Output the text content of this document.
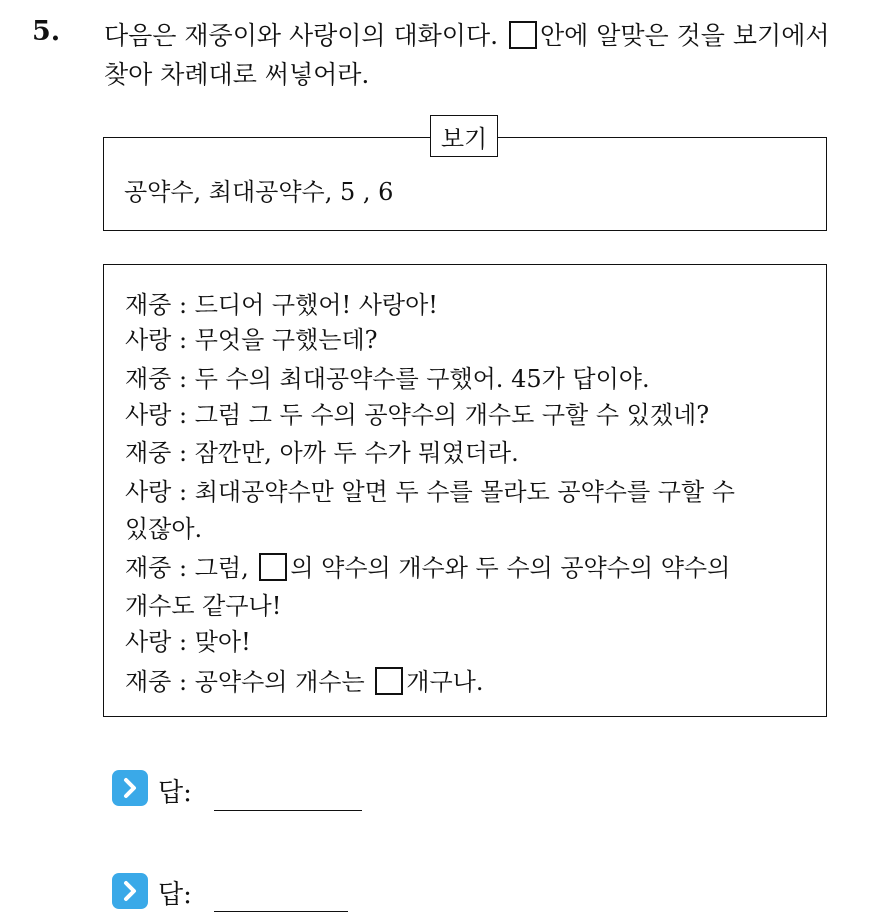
5. 다음은 재중이와 사랑이의 대화이다. 안에 알맞은 것을 보기에서
찾아 차례대로 써넣어라.
보기
공약수, 최대공약수, 5 , 6
재중 : 드디어 구했어! 사랑아!
사랑 : 무엇을 구했는데?
재중 : 두 수의 최대공약수를 구했어. 45가 답이야.
사랑 : 그럼 그 두 수의 공약수의 개수도 구할 수 있겠네?
재중 : 잠깐만, 아까 두 수가 뭐였더라.
사랑 : 최대공약수만 알면 두 수를 몰라도 공약수를 구할 수
있잖아.
재중 : 그럼, 의 약수의 개수와 두 수의 공약수의 약수의
개수도 같구나!
사랑 : 맞아!
재중 : 공약수의 개수는 개구나.
답:
답:
